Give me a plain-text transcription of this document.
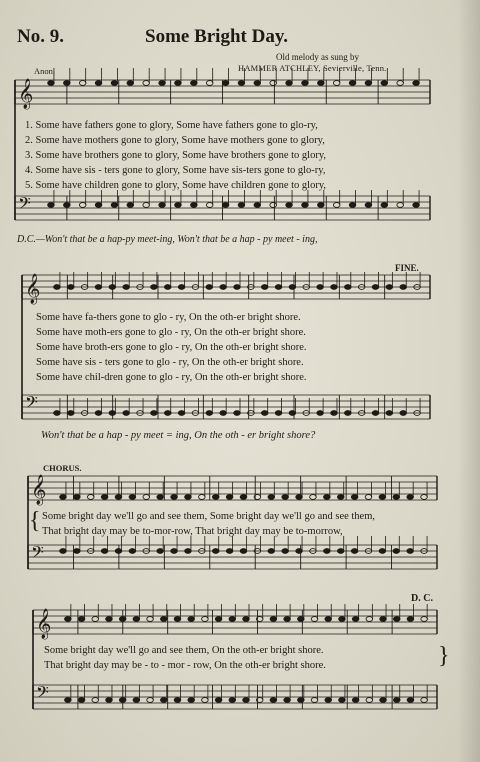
No. 9.	Some Bright Day.
Old melody as sung by
HAMMER ATCHLEY, Sevierville, Tenn.
Anon.
𝄞
𝄢
𝄞
𝄢
𝄞
𝄢
𝄞
𝄢
1. Some have fathers gone to glory, Some have fathers gone to glo-ry,
2. Some have mothers gone to glory, Some have mothers gone to glory,
3. Some have brothers gone to glory, Some have brothers gone to glory,
4. Some have sis - ters gone to glory, Some have sis-ters gone to glo-ry,
5. Some have children gone to glory, Some have children gone to glory,
D.C.—Won't that be a hap-py meet-ing, Won't that be a hap - py meet - ing,
FINE.
Some have fa-thers gone to glo - ry, On the oth-er bright shore.
Some have moth-ers gone to glo - ry, On the oth-er bright shore.
Some have broth-ers gone to glo - ry, On the oth-er bright shore.
Some have sis - ters gone to glo - ry, On the oth-er bright shore.
Some have chil-dren gone to glo - ry, On the oth-er bright shore.
Won't that be a hap - py meet = ing, On the oth - er bright shore?
CHORUS.
{ Some bright day we'll go and see them, Some bright day we'll go and see them,
That bright day may be to-mor-row, That bright day may be to-morrow,
D. C.
Some bright day we'll go and see them, On the oth-er bright shore.
That bright day may be - to - mor - row, On the oth-er bright shore.	}
